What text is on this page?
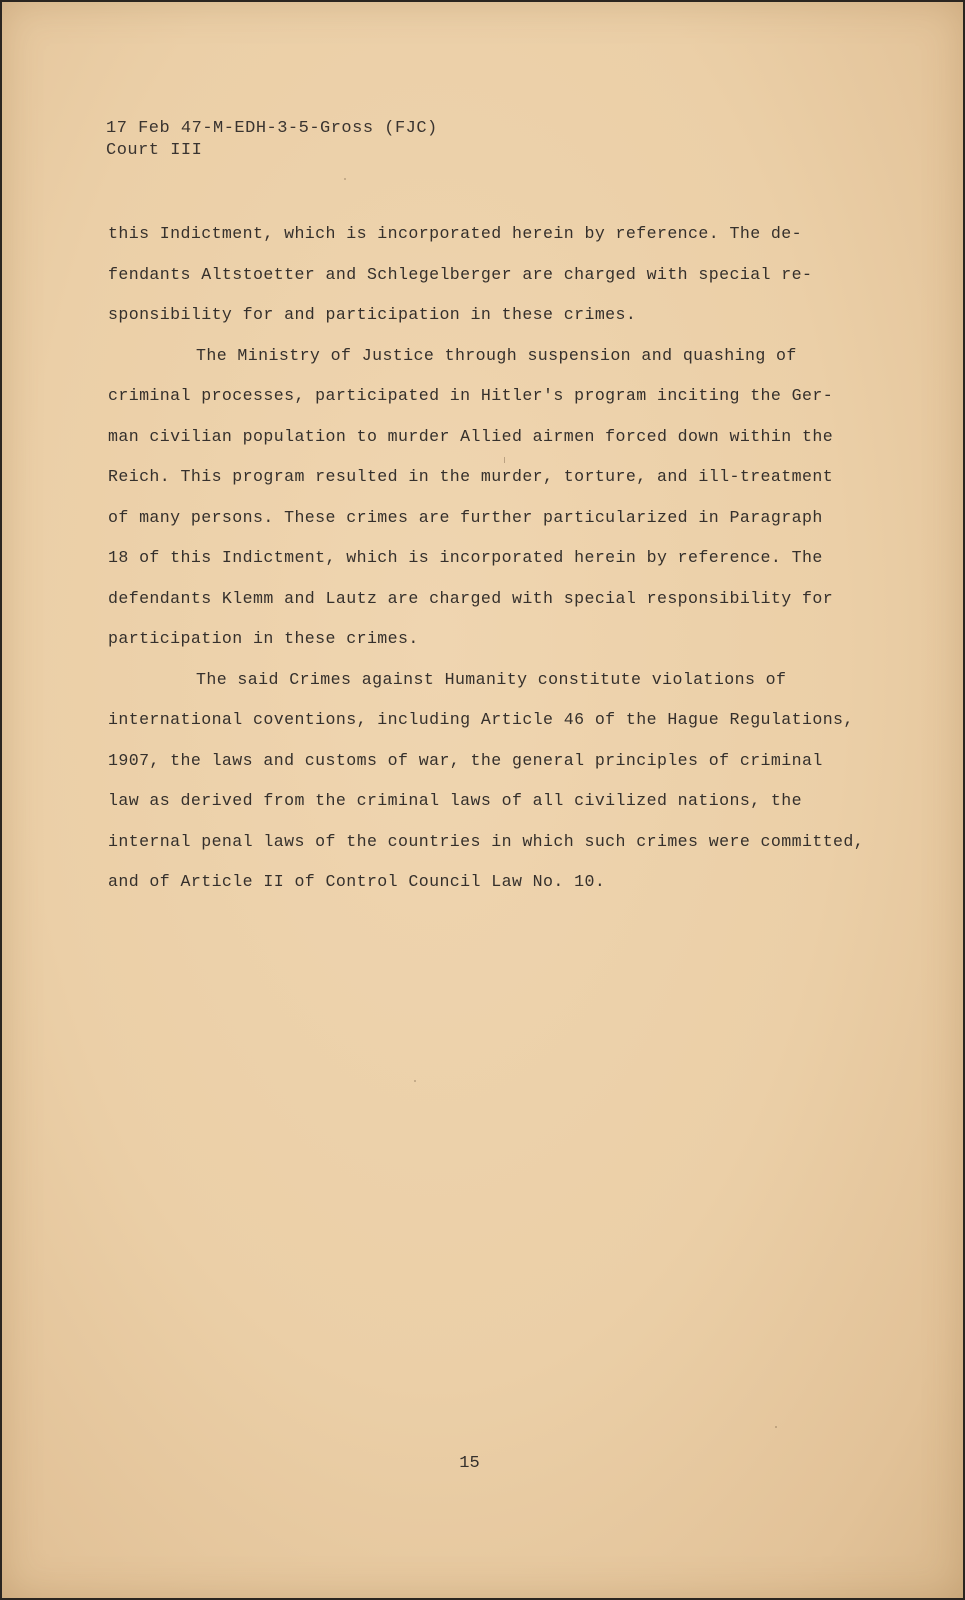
17 Feb 47-M-EDH-3-5-Gross (FJC)
Court III
this Indictment, which is incorporated herein by reference. The de-
fendants Altstoetter and Schlegelberger are charged with special re-
sponsibility for and participation in these crimes.
The Ministry of Justice through suspension and quashing of
criminal processes, participated in Hitler's program inciting the Ger-
man civilian population to murder Allied airmen forced down within the
Reich. This program resulted in the murder, torture, and ill-treatment
of many persons. These crimes are further particularized in Paragraph
18 of this Indictment, which is incorporated herein by reference. The
defendants Klemm and Lautz are charged with special responsibility for
participation in these crimes.
The said Crimes against Humanity constitute violations of
international coventions, including Article 46 of the Hague Regulations,
1907, the laws and customs of war, the general principles of criminal
law as derived from the criminal laws of all civilized nations, the
internal penal laws of the countries in which such crimes were committed,
and of Article II of Control Council Law No. 10.
15
